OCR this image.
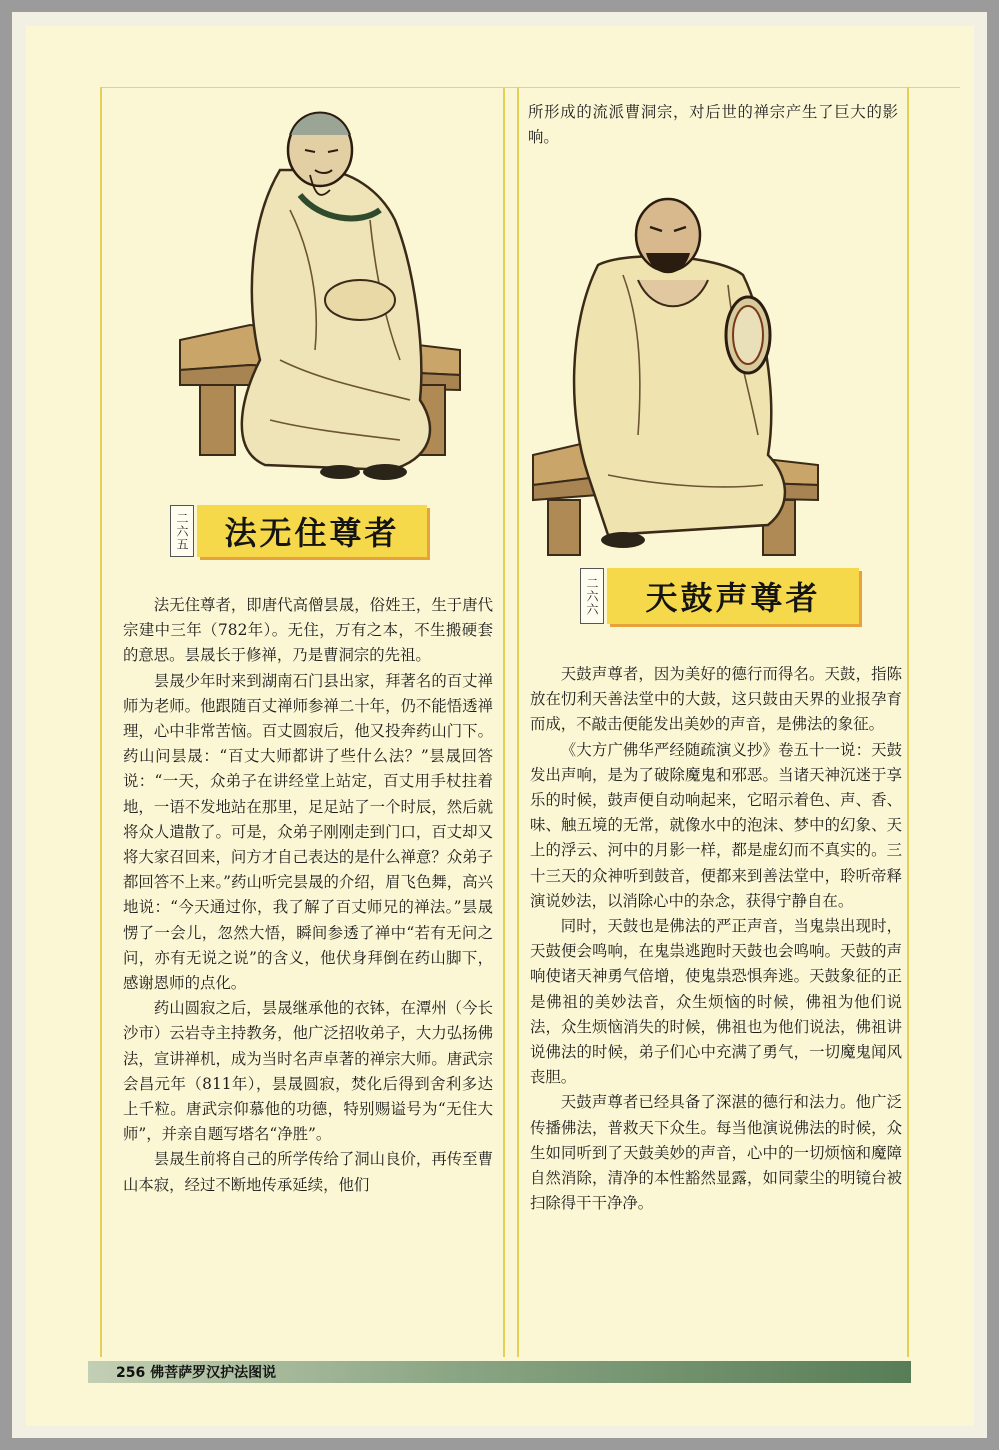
二六五	法无住尊者

法无住尊者，即唐代高僧昙晟，俗姓王，生于唐代宗建中三年（782年）。无住，万有之本，不生搬硬套的意思。昙晟长于修禅，乃是曹洞宗的先祖。

昙晟少年时来到湖南石门县出家，拜著名的百丈禅师为老师。他跟随百丈禅师参禅二十年，仍不能悟透禅理，心中非常苦恼。百丈圆寂后，他又投奔药山门下。药山问昙晟：“百丈大师都讲了些什么法？”昙晟回答说：“一天，众弟子在讲经堂上站定，百丈用手杖拄着地，一语不发地站在那里，足足站了一个时辰，然后就将众人遣散了。可是，众弟子刚刚走到门口，百丈却又将大家召回来，问方才自己表达的是什么禅意？众弟子都回答不上来。”药山听完昙晟的介绍，眉飞色舞，高兴地说：“今天通过你，我了解了百丈师兄的禅法。”昙晟愣了一会儿，忽然大悟，瞬间参透了禅中“若有无问之问，亦有无说之说”的含义，他伏身拜倒在药山脚下，感谢恩师的点化。

药山圆寂之后，昙晟继承他的衣钵，在潭州（今长沙市）云岩寺主持教务，他广泛招收弟子，大力弘扬佛法，宣讲禅机，成为当时名声卓著的禅宗大师。唐武宗会昌元年（811年），昙晟圆寂，焚化后得到舍利多达上千粒。唐武宗仰慕他的功德，特别赐谥号为“无住大师”，并亲自题写塔名“净胜”。

昙晟生前将自己的所学传给了洞山良价，再传至曹山本寂，经过不断地传承延续，他们

所形成的流派曹洞宗，对后世的禅宗产生了巨大的影响。

二六六	天鼓声尊者

天鼓声尊者，因为美好的德行而得名。天鼓，指陈放在忉利天善法堂中的大鼓，这只鼓由天界的业报孕育而成，不敲击便能发出美妙的声音，是佛法的象征。

《大方广佛华严经随疏演义抄》卷五十一说：天鼓发出声响，是为了破除魔鬼和邪恶。当诸天神沉迷于享乐的时候，鼓声便自动响起来，它昭示着色、声、香、味、触五境的无常，就像水中的泡沫、梦中的幻象、天上的浮云、河中的月影一样，都是虚幻而不真实的。三十三天的众神听到鼓音，便都来到善法堂中，聆听帝释演说妙法，以消除心中的杂念，获得宁静自在。

同时，天鼓也是佛法的严正声音，当鬼祟出现时，天鼓便会鸣响，在鬼祟逃跑时天鼓也会鸣响。天鼓的声响使诸天神勇气倍增，使鬼祟恐惧奔逃。天鼓象征的正是佛祖的美妙法音，众生烦恼的时候，佛祖为他们说法，众生烦恼消失的时候，佛祖也为他们说法，佛祖讲说佛法的时候，弟子们心中充满了勇气，一切魔鬼闻风丧胆。

天鼓声尊者已经具备了深湛的德行和法力。他广泛传播佛法，普救天下众生。每当他演说佛法的时候，众生如同听到了天鼓美妙的声音，心中的一切烦恼和魔障自然消除，清净的本性豁然显露，如同蒙尘的明镜台被扫除得干干净净。

256 佛菩萨罗汉护法图说
